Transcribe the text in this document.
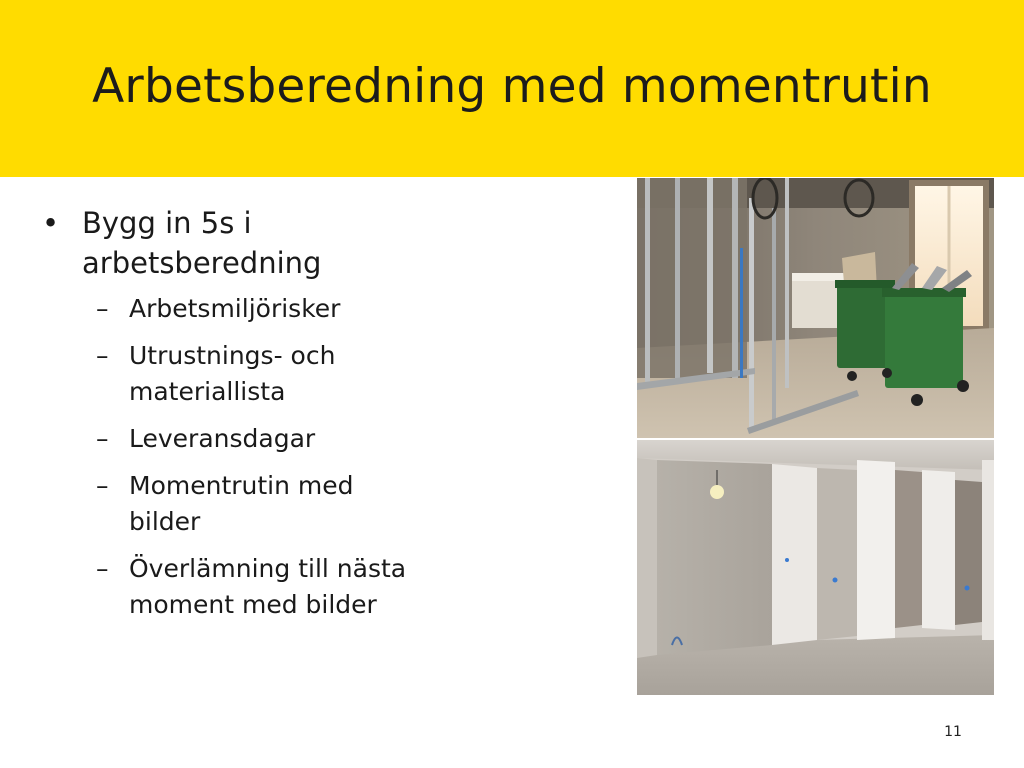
Arbetsberedning med momentrutin
• Bygg in 5s i
arbetsberedning
– Arbetsmiljörisker
– Utrustnings- och
materiallista
– Leveransdagar
– Momentrutin med
bilder
– Överlämning till nästa
moment med bilder
11
